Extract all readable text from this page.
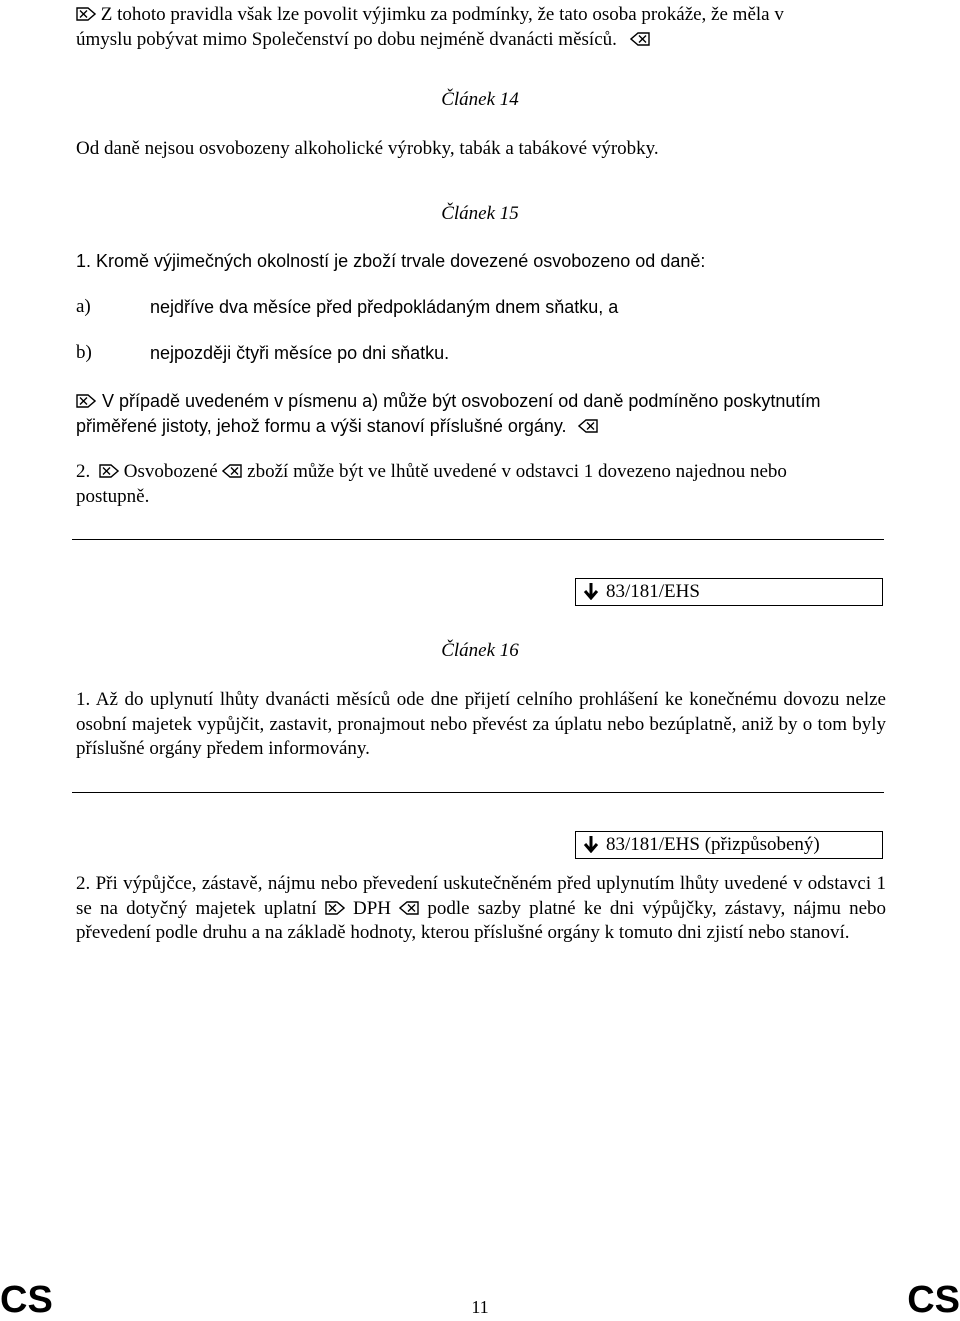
Z tohoto pravidla však lze povolit výjimku za podmínky, že tato osoba prokáže, že měla v
úmyslu pobývat mimo Společenství po dobu nejméně dvanácti měsíců.
Článek 14
Od daně nejsou osvobozeny alkoholické výrobky, tabák a tabákové výrobky.
Článek 15
1. Kromě výjimečných okolností je zboží trvale dovezené osvobozeno od daně:
a)	nejdříve dva měsíce před předpokládaným dnem sňatku, a
b)	nejpozději čtyři měsíce po dni sňatku.
V případě uvedeném v písmenu a) může být osvobození od daně podmíněno poskytnutím
přiměřené jistoty, jehož formu a výši stanoví příslušné orgány.
2. Osvobozené zboží může být ve lhůtě uvedené v odstavci 1 dovezeno najednou nebo
postupně.
83/181/EHS
Článek 16
1. Až do uplynutí lhůty dvanácti měsíců ode dne přijetí celního prohlášení ke konečnému dovozu nelze osobní majetek vypůjčit, zastavit, pronajmout nebo převést za úplatu nebo bezúplatně, aniž by o tom byly příslušné orgány předem informovány.
83/181/EHS (přizpůsobený)
2. Při výpůjčce, zástavě, nájmu nebo převedení uskutečněném před uplynutím lhůty uvedené v odstavci 1 se na dotyčný majetek uplatní DPH podle sazby platné ke dni výpůjčky, zástavy, nájmu nebo převedení podle druhu a na základě hodnoty, kterou příslušné orgány k tomuto dni zjistí nebo stanoví.
CS	11	CS
